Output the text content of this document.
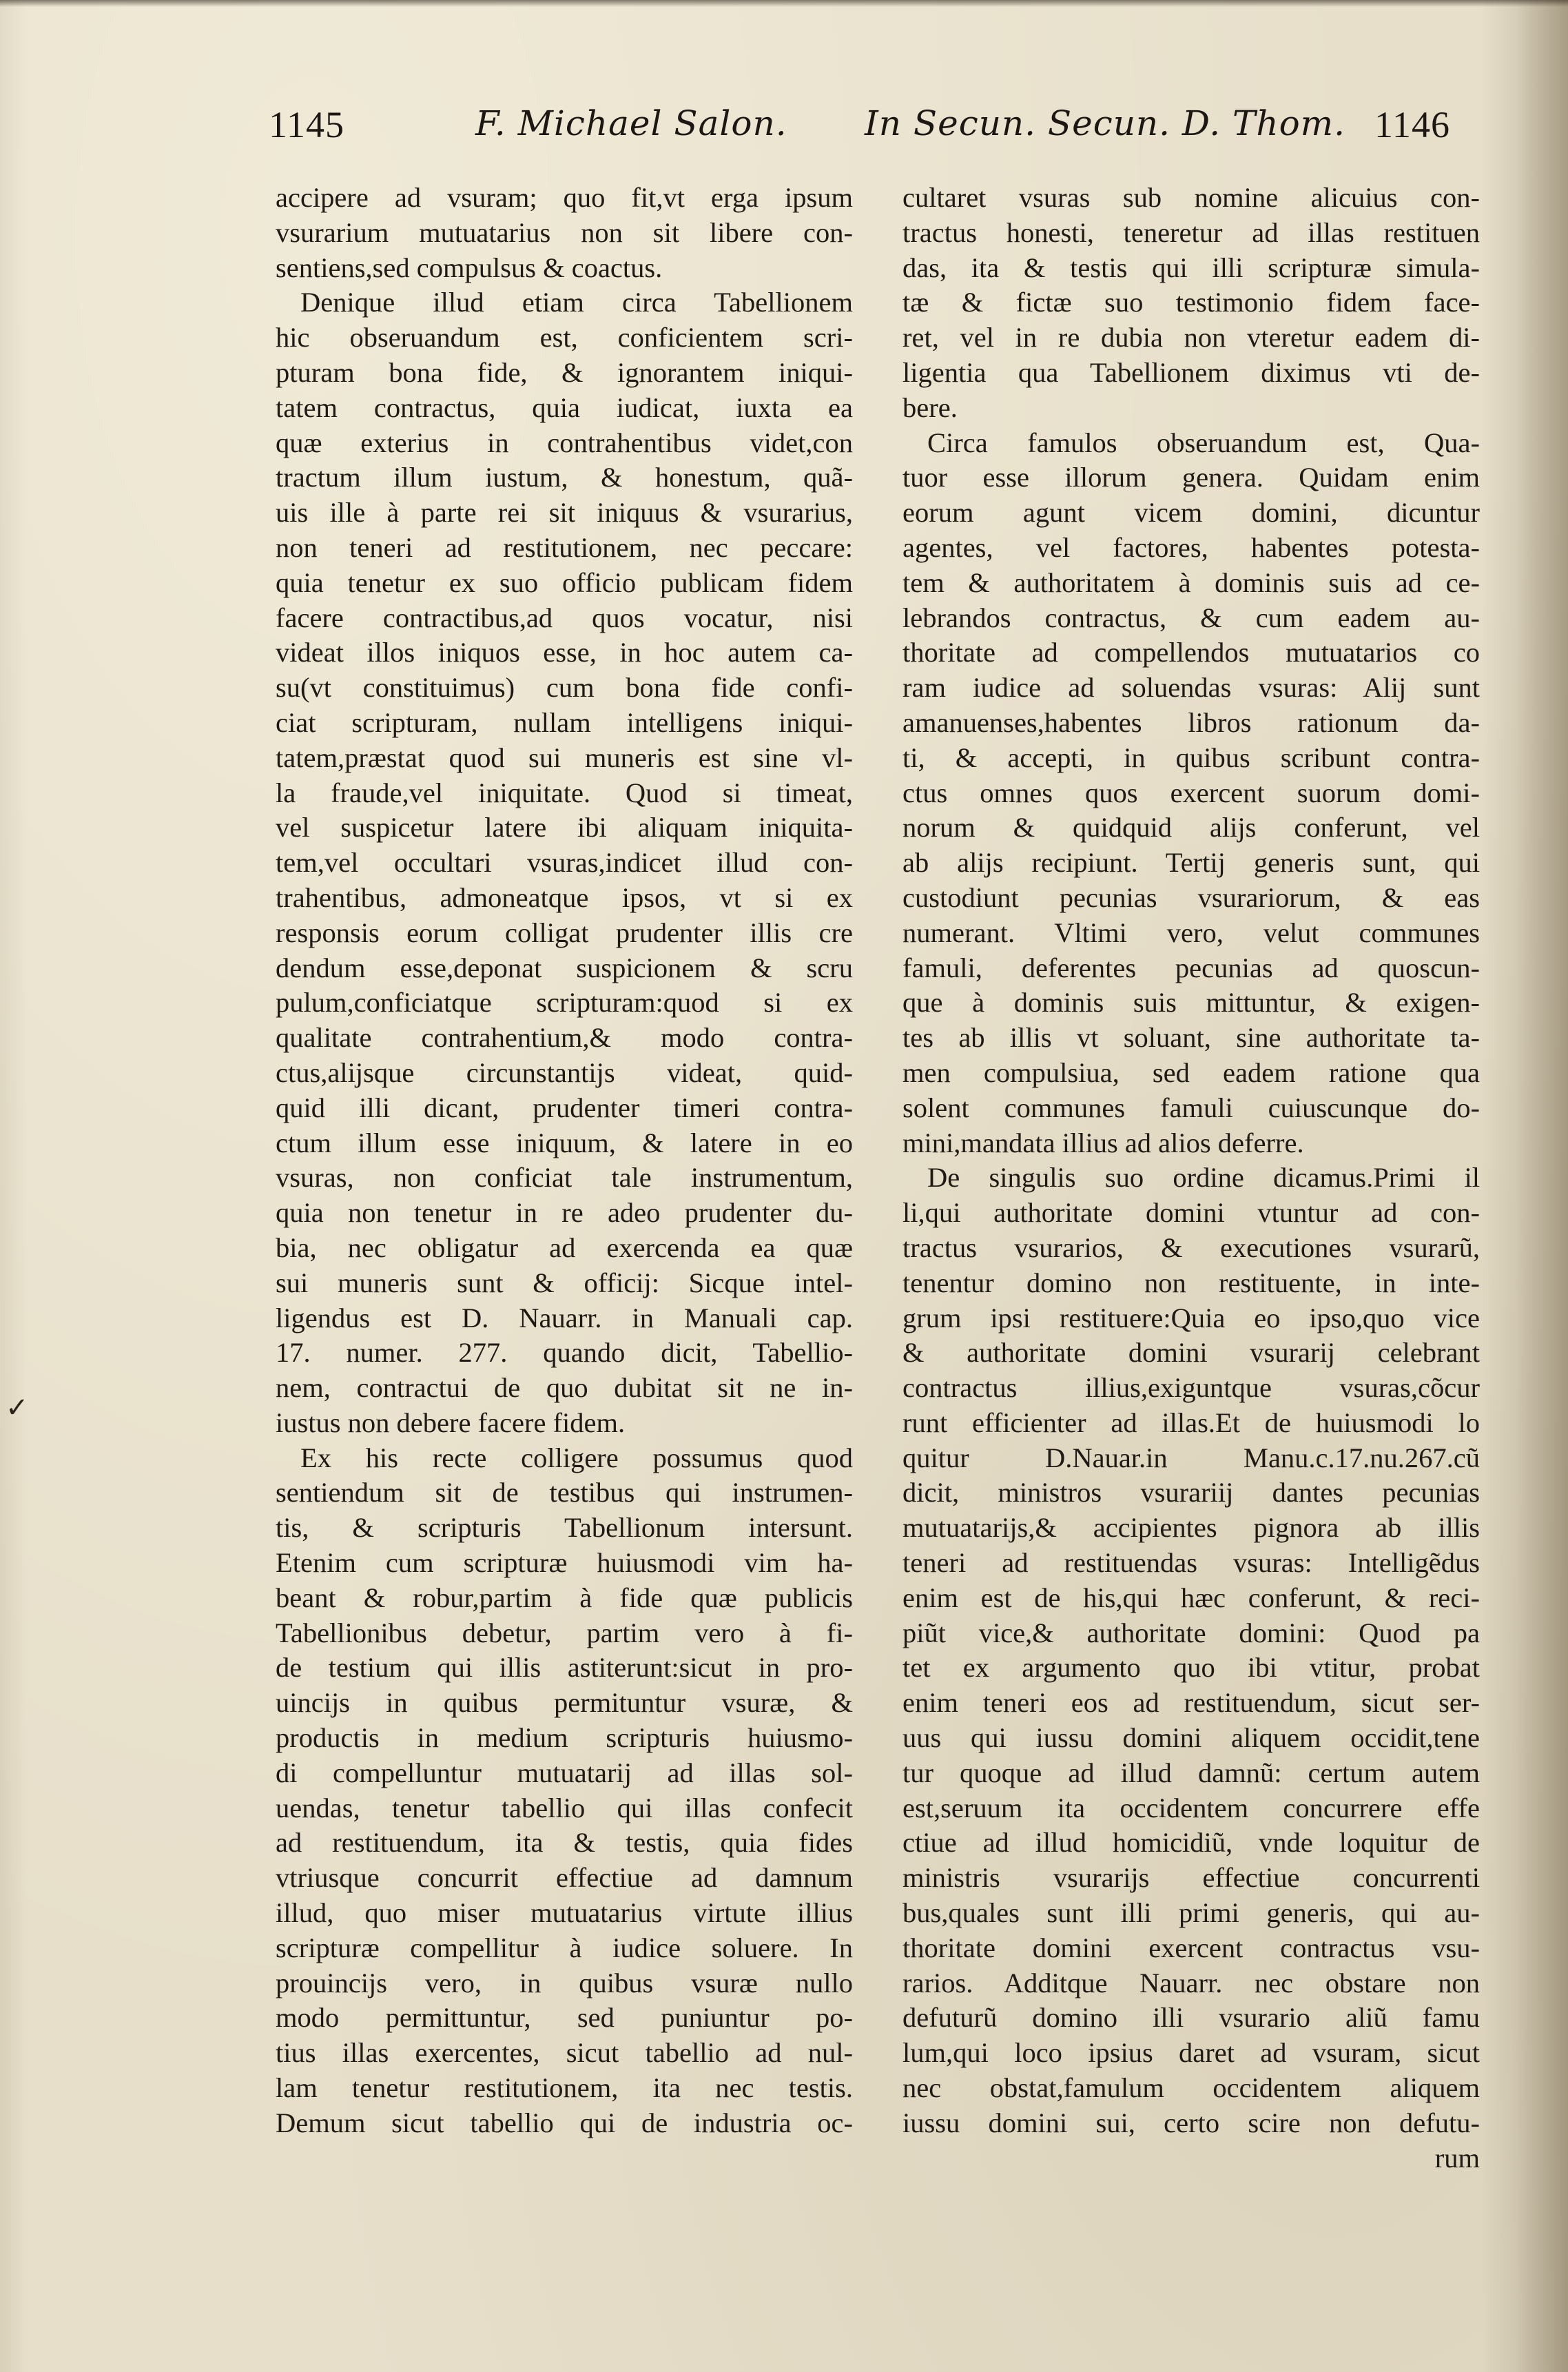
1145	F. Michael Salon. In Secun. Secun. D. Thom. 1146
✓
accipere ad vsuram; quo fit,vt erga ipsum
vsurarium mutuatarius non sit libere con-
sentiens,sed compulsus & coactus.
Denique illud etiam circa Tabellionem
hic obseruandum est, conficientem scri-
pturam bona fide, & ignorantem iniqui-
tatem contractus, quia iudicat, iuxta ea
quæ exterius in contrahentibus videt,con
tractum illum iustum, & honestum, quã-
uis ille à parte rei sit iniquus & vsurarius,
non teneri ad restitutionem, nec peccare:
quia tenetur ex suo officio publicam fidem
facere contractibus,ad quos vocatur, nisi
videat illos iniquos esse, in hoc autem ca-
su(vt constituimus) cum bona fide confi-
ciat scripturam, nullam intelligens iniqui-
tatem,præstat quod sui muneris est sine vl-
la fraude,vel iniquitate. Quod si timeat,
vel suspicetur latere ibi aliquam iniquita-
tem,vel occultari vsuras,indicet illud con-
trahentibus, admoneatque ipsos, vt si ex
responsis eorum colligat prudenter illis cre
dendum esse,deponat suspicionem & scru
pulum,conficiatque scripturam:quod si ex
qualitate contrahentium,& modo contra-
ctus,alijsque circunstantijs videat, quid-
quid illi dicant, prudenter timeri contra-
ctum illum esse iniquum, & latere in eo
vsuras, non conficiat tale instrumentum,
quia non tenetur in re adeo prudenter du-
bia, nec obligatur ad exercenda ea quæ
sui muneris sunt & officij: Sicque intel-
ligendus est D. Nauarr. in Manuali cap.
17. numer. 277. quando dicit, Tabellio-
nem, contractui de quo dubitat sit ne in-
iustus non debere facere fidem.
Ex his recte colligere possumus quod
sentiendum sit de testibus qui instrumen-
tis, & scripturis Tabellionum intersunt.
Etenim cum scripturæ huiusmodi vim ha-
beant & robur,partim à fide quæ publicis
Tabellionibus debetur, partim vero à fi-
de testium qui illis astiterunt:sicut in pro-
uincijs in quibus permituntur vsuræ, &
productis in medium scripturis huiusmo-
di compelluntur mutuatarij ad illas sol-
uendas, tenetur tabellio qui illas confecit
ad restituendum, ita & testis, quia fides
vtriusque concurrit effectiue ad damnum
illud, quo miser mutuatarius virtute illius
scripturæ compellitur à iudice soluere. In
prouincijs vero, in quibus vsuræ nullo
modo permittuntur, sed puniuntur po-
tius illas exercentes, sicut tabellio ad nul-
lam tenetur restitutionem, ita nec testis.
Demum sicut tabellio qui de industria oc-
cultaret vsuras sub nomine alicuius con-
tractus honesti, teneretur ad illas restituen
das, ita & testis qui illi scripturæ simula-
tæ & fictæ suo testimonio fidem face-
ret, vel in re dubia non vteretur eadem di-
ligentia qua Tabellionem diximus vti de-
bere.
Circa famulos obseruandum est, Qua-
tuor esse illorum genera. Quidam enim
eorum agunt vicem domini, dicuntur
agentes, vel factores, habentes potesta-
tem & authoritatem à dominis suis ad ce-
lebrandos contractus, & cum eadem au-
thoritate ad compellendos mutuatarios co
ram iudice ad soluendas vsuras: Alij sunt
amanuenses,habentes libros rationum da-
ti, & accepti, in quibus scribunt contra-
ctus omnes quos exercent suorum domi-
norum & quidquid alijs conferunt, vel
ab alijs recipiunt. Tertij generis sunt, qui
custodiunt pecunias vsurariorum, & eas
numerant. Vltimi vero, velut communes
famuli, deferentes pecunias ad quoscun-
que à dominis suis mittuntur, & exigen-
tes ab illis vt soluant, sine authoritate ta-
men compulsiua, sed eadem ratione qua
solent communes famuli cuiuscunque do-
mini,mandata illius ad alios deferre.
De singulis suo ordine dicamus.Primi il
li,qui authoritate domini vtuntur ad con-
tractus vsurarios, & executiones vsurarũ,
tenentur domino non restituente, in inte-
grum ipsi restituere:Quia eo ipso,quo vice
& authoritate domini vsurarij celebrant
contractus illius,exiguntque vsuras,cõcur
runt efficienter ad illas.Et de huiusmodi lo
quitur D.Nauar.in Manu.c.17.nu.267.cũ
dicit, ministros vsurariij dantes pecunias
mutuatarijs,& accipientes pignora ab illis
teneri ad restituendas vsuras: Intelligẽdus
enim est de his,qui hæc conferunt, & reci-
piũt vice,& authoritate domini: Quod pa
tet ex argumento quo ibi vtitur, probat
enim teneri eos ad restituendum, sicut ser-
uus qui iussu domini aliquem occidit,tene
tur quoque ad illud damnũ: certum autem
est,seruum ita occidentem concurrere effe
ctiue ad illud homicidiũ, vnde loquitur de
ministris vsurarijs effectiue concurrenti
bus,quales sunt illi primi generis, qui au-
thoritate domini exercent contractus vsu-
rarios. Additque Nauarr. nec obstare non
defuturũ domino illi vsurario aliũ famu
lum,qui loco ipsius daret ad vsuram, sicut
nec obstat,famulum occidentem aliquem
iussu domini sui, certo scire non defutu-
rum
